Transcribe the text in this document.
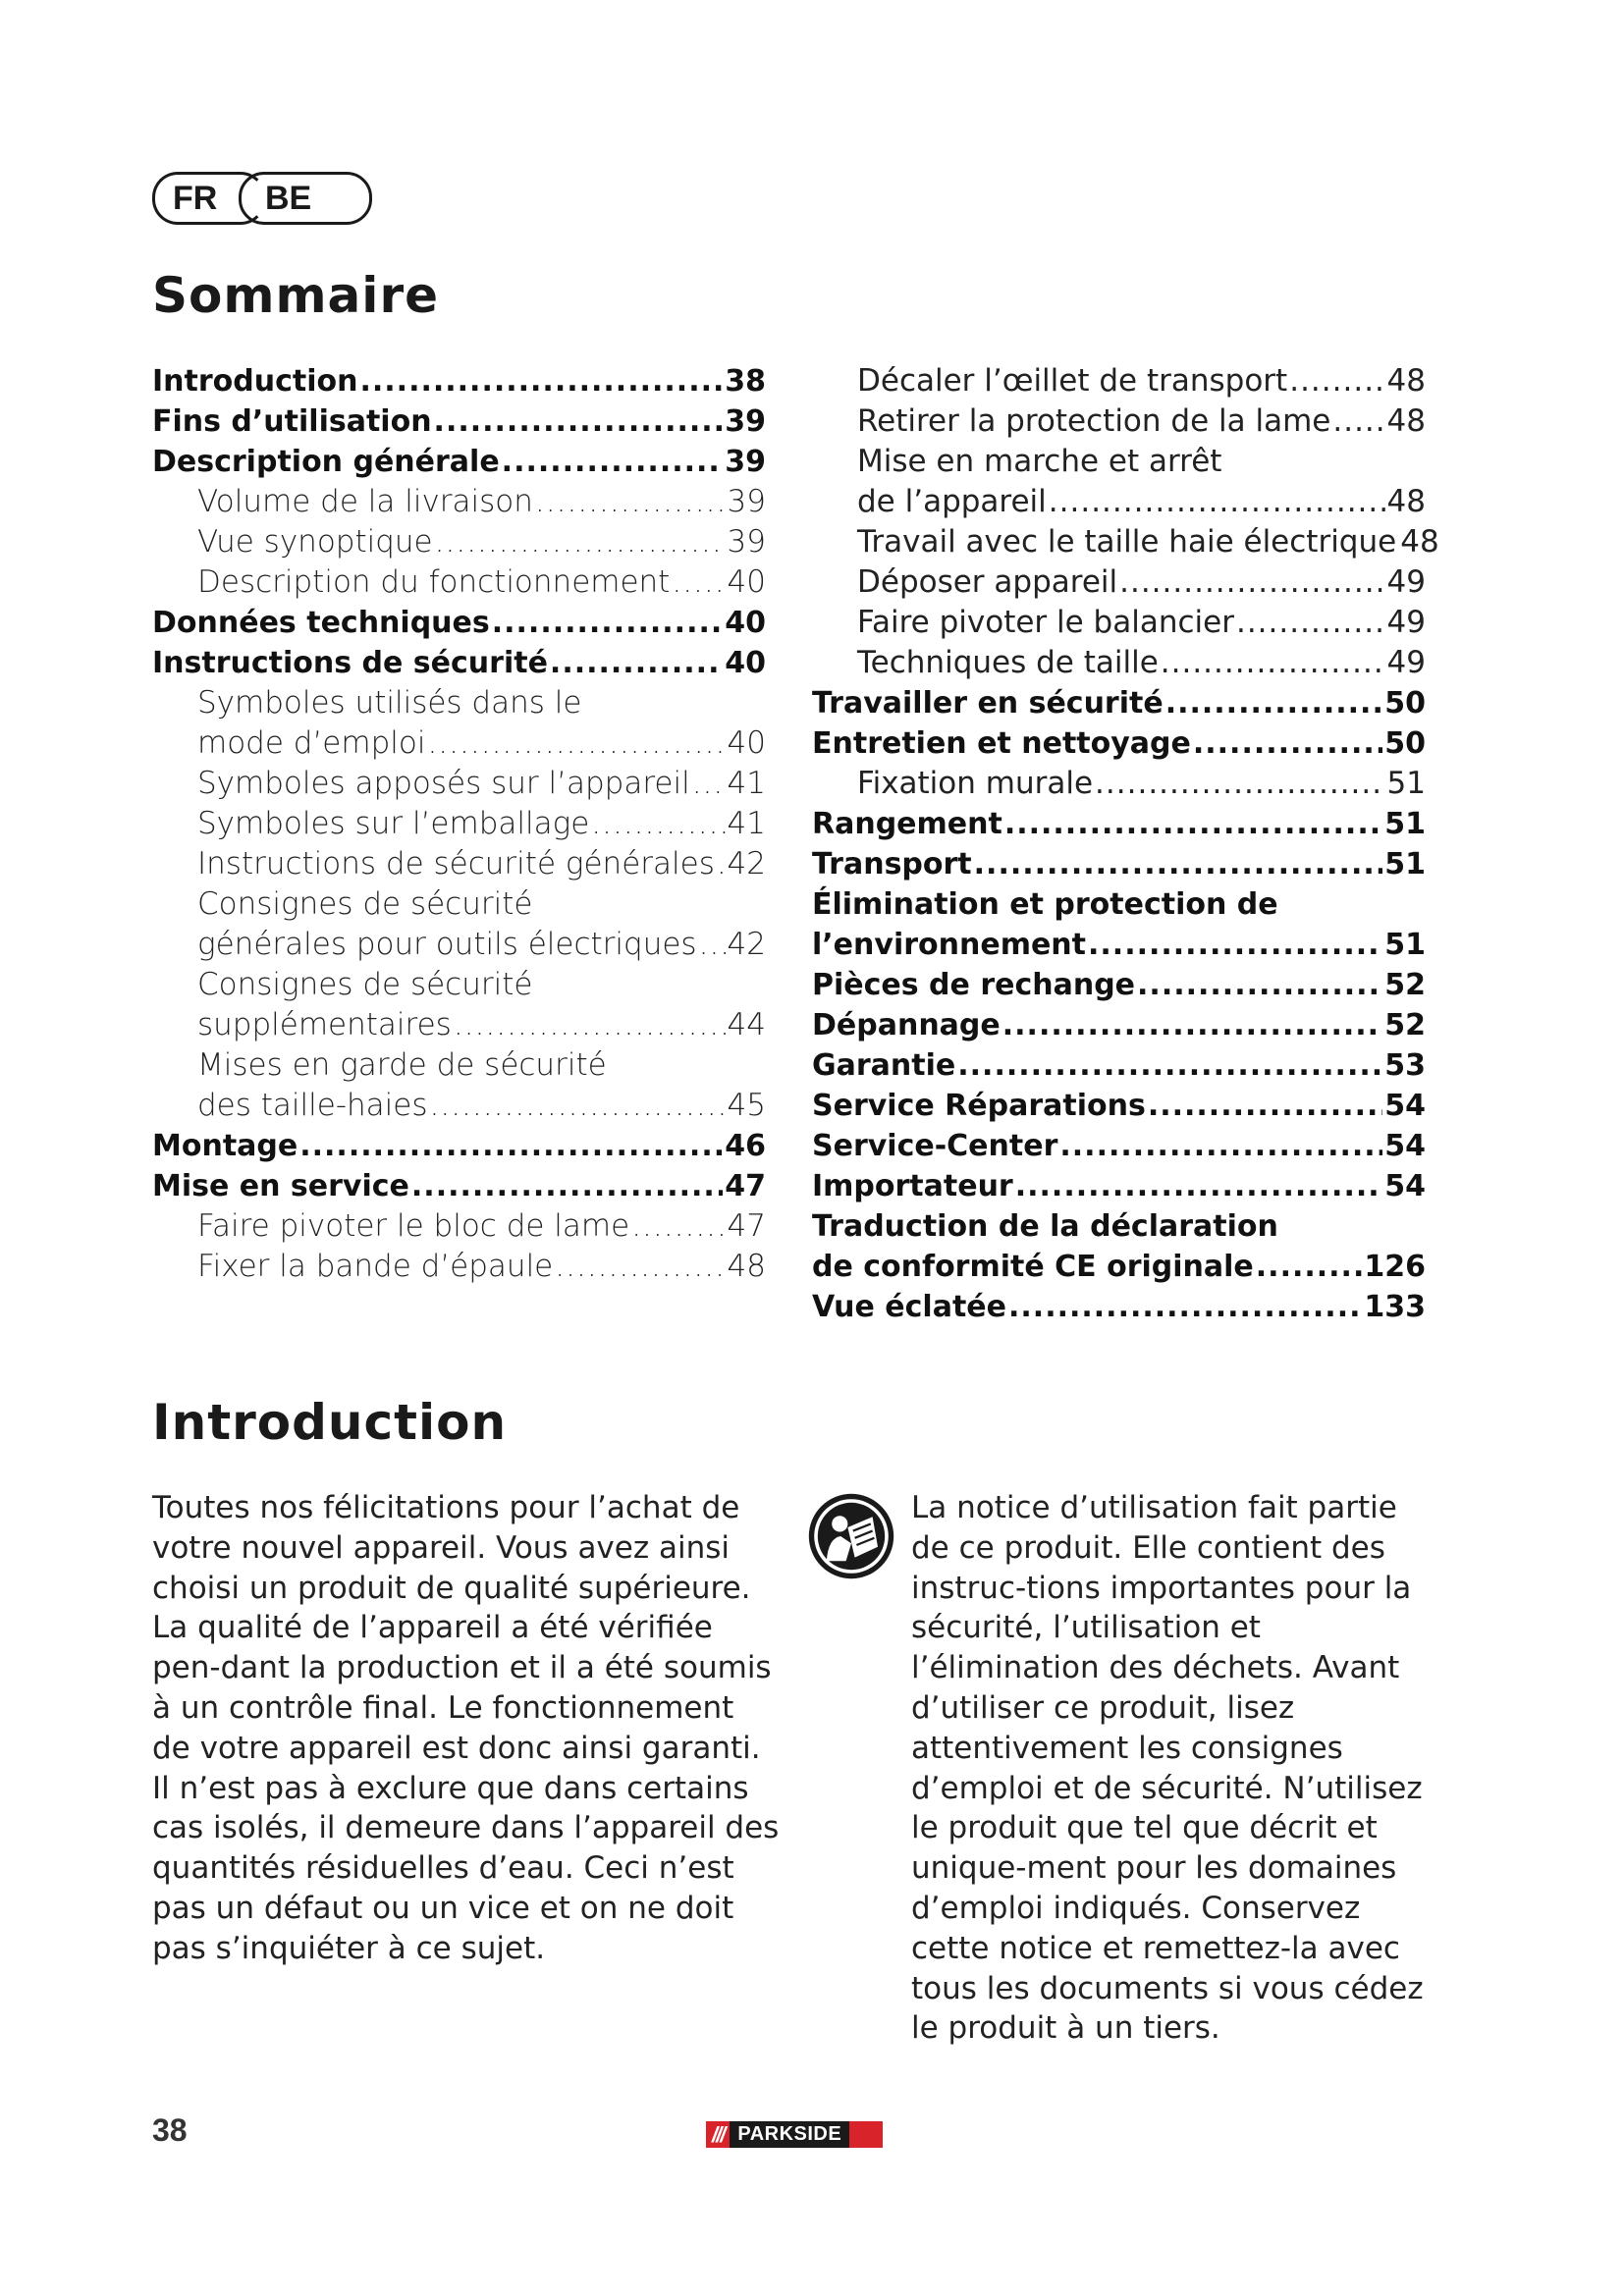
FR	BE
Sommaire
Introduction .....	38
Fins d’utilisation .....	39
Description générale .....	39
Volume de la livraison .....	39
Vue synoptique .....	39
Description du fonctionnement ..... 40
Données techniques .....	40
Instructions de sécurité .....	40
Symboles utilisés dans le
mode d’emploi .....	40
Symboles apposés sur l’appareil ..... 41
Symboles sur l’emballage .....	41
Instructions de sécurité générales ..... 42
Consignes de sécurité
générales pour outils électriques ..... 42
Consignes de sécurité
supplémentaires .....	44
Mises en garde de sécurité
des taille-haies .....	45
Montage .....	46
Mise en service .....	47
Faire pivoter le bloc de lame .....	47
Fixer la bande d’épaule .....	48
Décaler l’œillet de transport .....	48
Retirer la protection de la lame ..... 48
Mise en marche et arrêt
de l’appareil .....	48
Travail avec le taille haie électrique 48
Déposer appareil .....	49
Faire pivoter le balancier .....	49
Techniques de taille .....	49
Travailler en sécurité .....	50
Entretien et nettoyage .....	50
Fixation murale .....	51
Rangement .....	51
Transport .....	51
Élimination et protection de
l’environnement .....	51
Pièces de rechange .....	52
Dépannage .....	52
Garantie .....	53
Service Réparations .....	54
Service-Center .....	54
Importateur .....	54
Traduction de la déclaration
de conformité CE originale .....	126
Vue éclatée .....	133
Introduction

Toutes nos félicitations pour l’achat de votre nouvel appareil. Vous avez ainsi choisi un produit de qualité supérieure. La qualité de l’appareil a été vérifiée pen-dant la production et il a été soumis à un contrôle final. Le fonctionnement de votre appareil est donc ainsi garanti. Il n’est pas à exclure que dans certains cas isolés, il demeure dans l’appareil des quantités résiduelles d’eau. Ceci n’est pas un défaut ou un vice et on ne doit pas s’inquiéter à ce sujet.

La notice d’utilisation fait partie de ce produit. Elle contient des instruc-tions importantes pour la sécurité, l’utilisation et l’élimination des déchets. Avant d’utiliser ce produit, lisez attentivement les consignes d’emploi et de sécurité. N’utilisez le produit que tel que décrit et unique-ment pour les domaines d’emploi indiqués. Conservez cette notice et remettez-la avec tous les documents si vous cédez le produit à un tiers.

38	/// PARKSIDE
